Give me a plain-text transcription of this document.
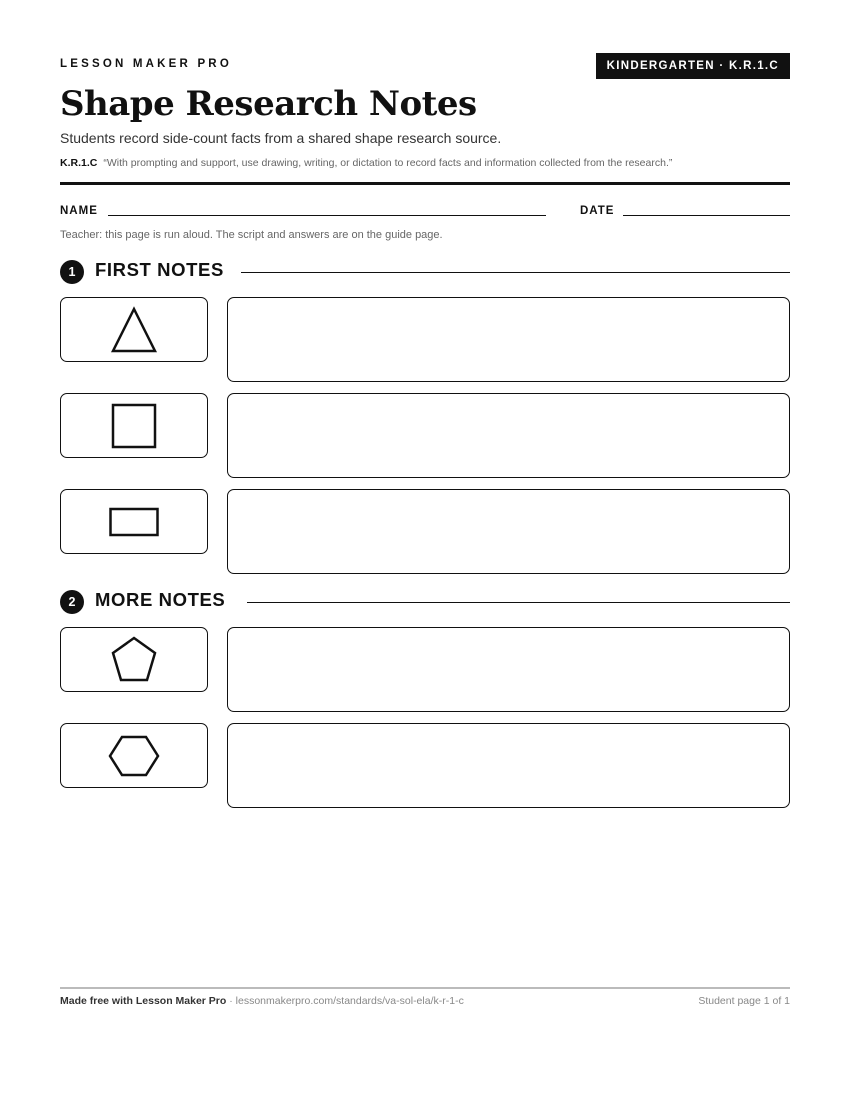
LESSON MAKER PRO	KINDERGARTEN · K.R.1.C
Shape Research Notes
Students record side-count facts from a shared shape research source.
K.R.1.C “With prompting and support, use drawing, writing, or dictation to record facts and information collected from the research.”
NAME	DATE
Teacher: this page is run aloud. The script and answers are on the guide page.
1	FIRST NOTES
2	MORE NOTES
Made free with Lesson Maker Pro · lessonmakerpro.com/standards/va-sol-ela/k-r-1-c	Student page 1 of 1
